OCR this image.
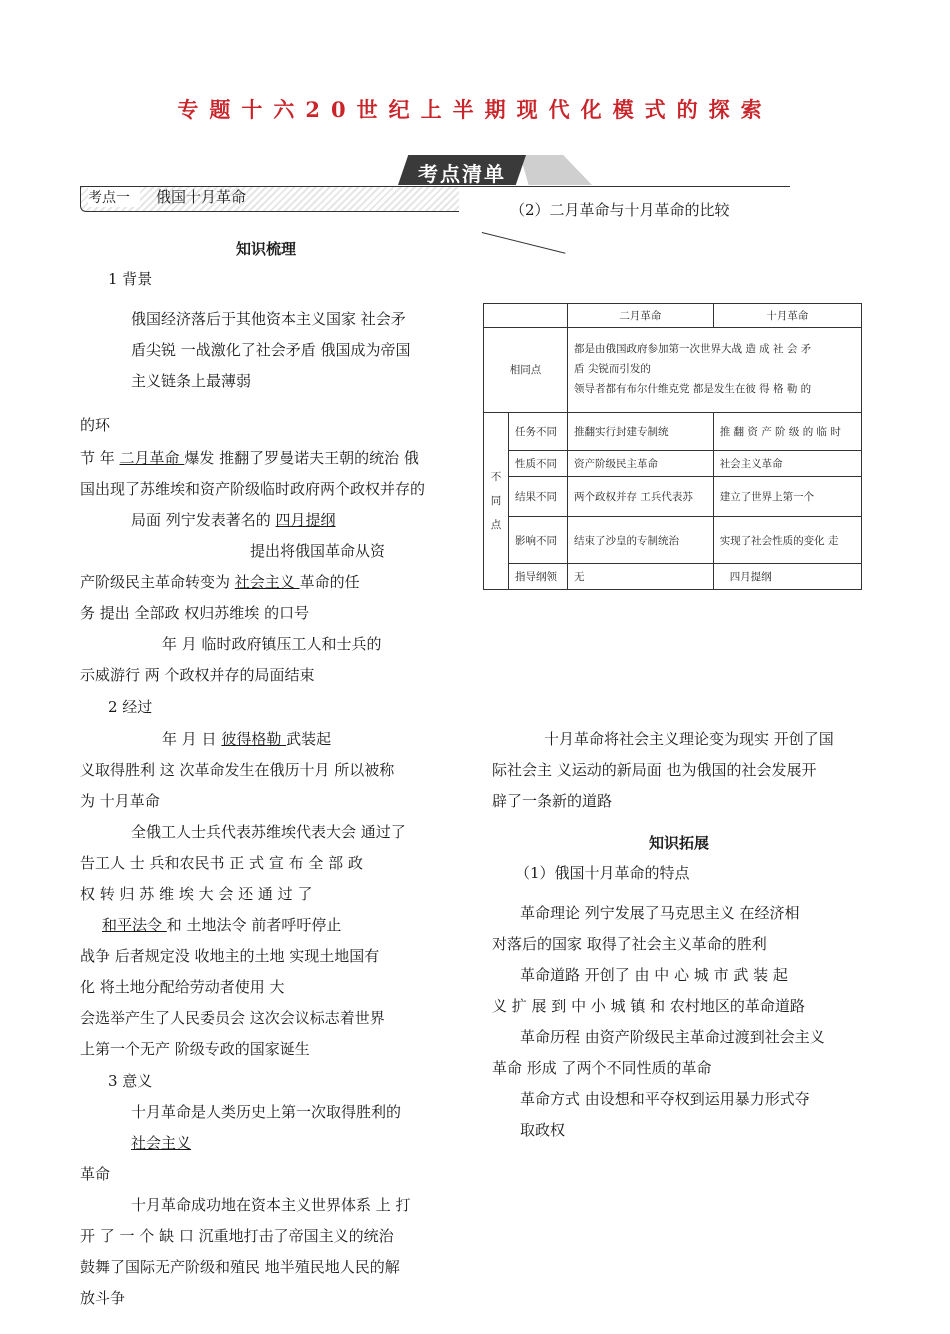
专题十六20世纪上半期现代化模式的探索
考点清单
考点一	俄国十月革命
知识梳理
1 背景
俄国经济落后于其他资本主义国家 社会矛
盾尖锐 一战激化了社会矛盾 俄国成为帝国
主义链条上最薄弱
的环
节 年 二月革命 爆发 推翻了罗曼诺夫王朝的统治 俄
国出现了苏维埃和资产阶级临时政府两个政权并存的
局面 列宁发表著名的 四月提纲
提出将俄国革命从资
产阶级民主革命转变为 社会主义 革命的任
务 提出 全部政 权归苏维埃 的口号
年 月 临时政府镇压工人和士兵的
示威游行 两 个政权并存的局面结束
2 经过
年 月 日 彼得格勒 武装起
义取得胜利 这 次革命发生在俄历十月 所以被称
为 十月革命
全俄工人士兵代表苏维埃代表大会 通过了
告工人 士 兵和农民书 正 式 宣 布 全 部 政
权 转 归 苏 维 埃 大 会 还 通 过 了
和平法令 和 土地法令 前者呼吁停止
战争 后者规定没 收地主的土地 实现土地国有
化 将土地分配给劳动者使用 大
会选举产生了人民委员会 这次会议标志着世界
上第一个无产 阶级专政的国家诞生
3 意义
十月革命是人类历史上第一次取得胜利的
社会主义
革命
十月革命成功地在资本主义世界体系 上 打
开 了 一 个 缺 口 沉重地打击了帝国主义的统治
鼓舞了国际无产阶级和殖民 地半殖民地人民的解
放斗争
（2）二月革命与十月革命的比较
		二月革命	十月革命
相同点		都是由俄国政府参加第一次世界大战 造 成 社 会 矛
盾 尖锐而引发的
领导者都有布尔什维克党 都是发生在彼 得 格 勒 的	

不
同
点	任务不同	推翻实行封建专制统	推 翻 资 产 阶 级 的 临 时
	性质不同	资产阶级民主革命	社会主义革命
	结果不同	两个政权并存 工兵代表苏	建立了世界上第一个
	影响不同	结束了沙皇的专制统治	实现了社会性质的变化 走
	指导纲领	无	四月提纲
十月革命将社会主义理论变为现实 开创了国
际社会主 义运动的新局面 也为俄国的社会发展开
辟了一条新的道路
知识拓展
（1）俄国十月革命的特点
革命理论 列宁发展了马克思主义 在经济相
对落后的国家 取得了社会主义革命的胜利
革命道路 开创了 由 中 心 城 市 武 装 起
义 扩 展 到 中 小 城 镇 和 农村地区的革命道路
革命历程 由资产阶级民主革命过渡到社会主义
革命 形成 了两个不同性质的革命
革命方式 由设想和平夺权到运用暴力形式夺
取政权
